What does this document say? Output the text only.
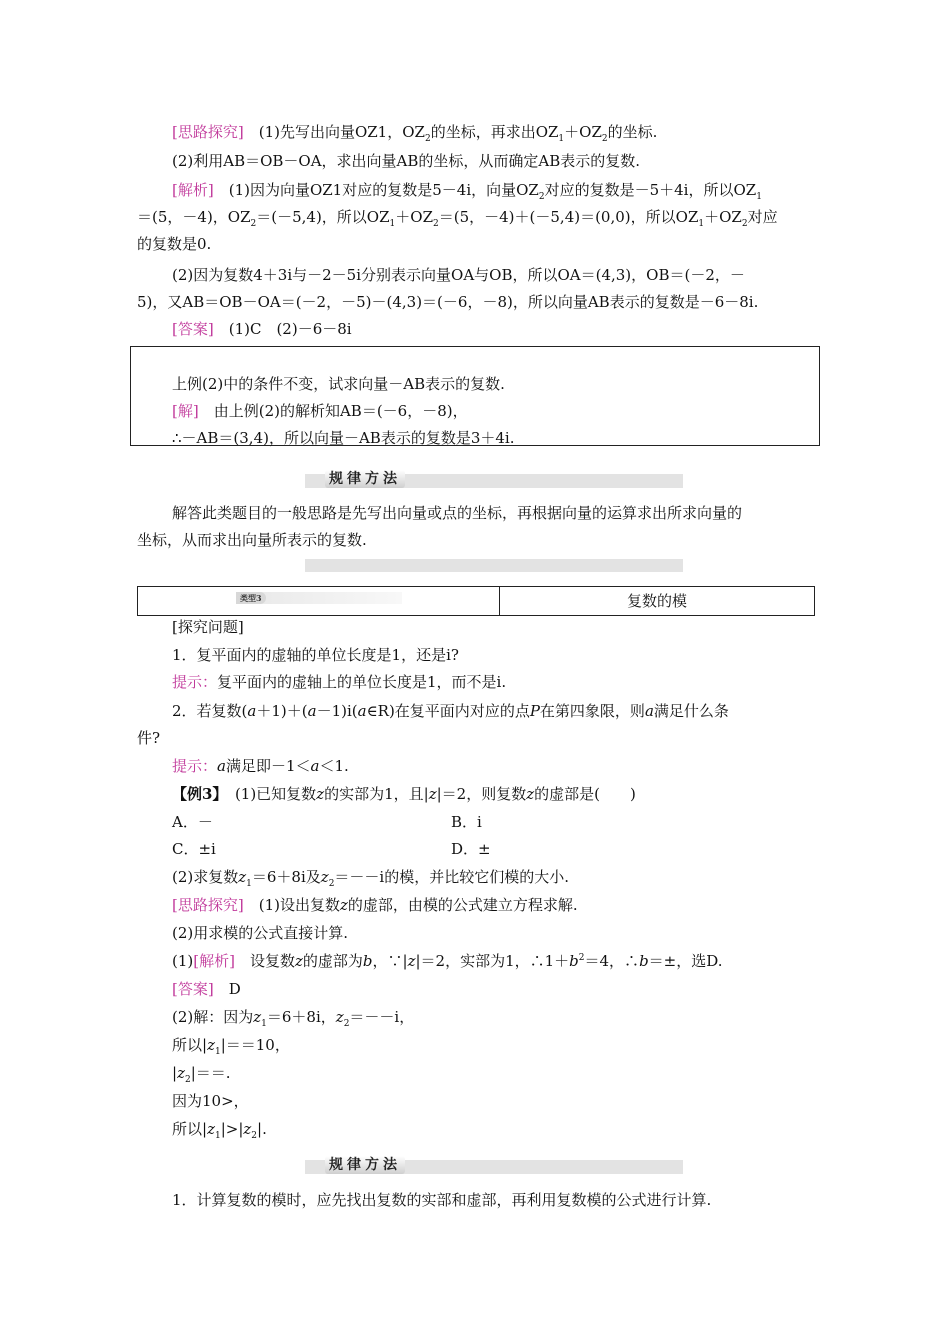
[思路探究]　(1)先写出向量OZ1，$OZ_2$的坐标，再求出$OZ_1+OZ_2$的坐标.
(2)利用AB＝OB－OA，求出向量AB的坐标，从而确定AB表示的复数.
[解析]　(1)因为向量OZ1对应的复数是5－4i，向量$OZ_2$对应的复数是－5＋4i，所以$OZ_1$
＝(5，－4)，$OZ_2=(-5,4)$，所以$OZ_1+OZ_2=(5$，－4)＋(－5,4)＝(0,0)，所以$OZ_1+OZ_2$对应
的复数是0.
(2)因为复数4＋3i与－2－5i分别表示向量OA与OB，所以OA＝(4,3)，OB＝(－2，－
5)，又AB＝OB－OA＝(－2，－5)－(4,3)＝(－6，－8)，所以向量AB表示的复数是－6－8i.
[答案]　(1)C　(2)－6－8i
上例(2)中的条件不变，试求向量－AB表示的复数.
[解]　由上例(2)的解析知AB＝(－6，－8)，
∴－AB＝(3,4)，所以向量－AB表示的复数是3＋4i.
规律方法
解答此类题目的一般思路是先写出向量或点的坐标，再根据向量的运算求出所求向量的
坐标，从而求出向量所表示的复数.
类型3	复数的模
[探究问题]
1．复平面内的虚轴的单位长度是1，还是i?
提示：复平面内的虚轴上的单位长度是1，而不是i.
2．若复数(a＋1)＋(a－1)i(a∈R)在复平面内对应的点P在第四象限，则a满足什么条
件?
提示：a满足即－1＜a＜1.
【例3】　(1)已知复数z的实部为1，且|z|＝2，则复数z的虚部是(　　)
A．－	B．i
C．±i	D．±
(2)求复数$z_1=6+8i$及$z_2=--i$的模，并比较它们模的大小.
[思路探究]　(1)设出复数z的虚部，由模的公式建立方程求解.
(2)用求模的公式直接计算.
(1)[解析]　设复数z的虚部为b，∵|z|＝2，实部为1，$\therefore 1+b^2=4$，∴b＝±，选D.
[答案]　D
(2)解：因为$z_1=6+8i$，$z_2=--i$，
所以$|z_1|==10$，
$|z_2|==$.
因为10>，
所以$|z_1|>|z_2|$.
规律方法
1．计算复数的模时，应先找出复数的实部和虚部，再利用复数模的公式进行计算.
